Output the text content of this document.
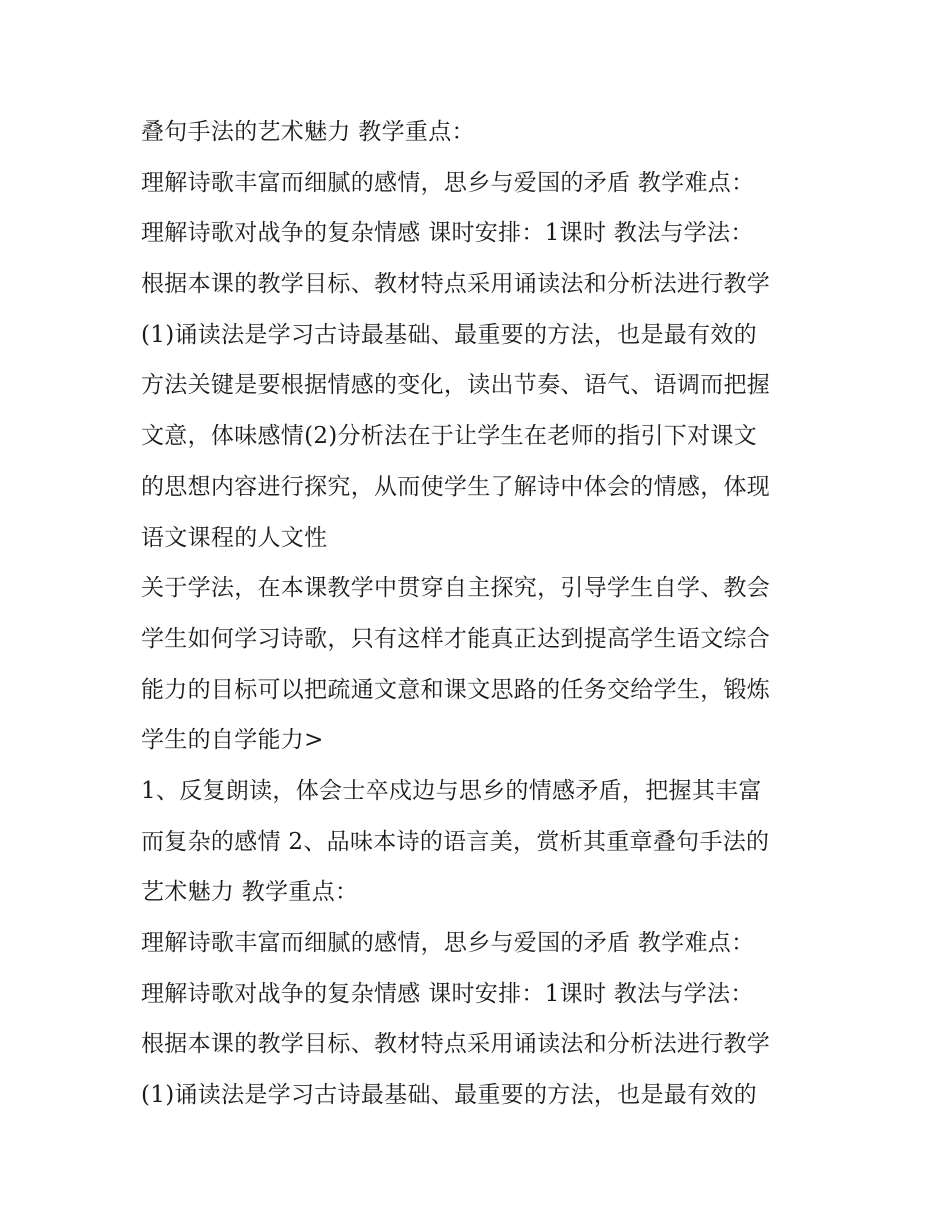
叠句手法的艺术魅力 教学重点：
理解诗歌丰富而细腻的感情，思乡与爱国的矛盾 教学难点：
理解诗歌对战争的复杂情感 课时安排：1课时 教法与学法：
根据本课的教学目标、教材特点采用诵读法和分析法进行教学
(1)诵读法是学习古诗最基础、最重要的方法，也是最有效的
方法关键是要根据情感的变化，读出节奏、语气、语调而把握
文意，体味感情(2)分析法在于让学生在老师的指引下对课文
的思想内容进行探究，从而使学生了解诗中体会的情感，体现
语文课程的人文性
关于学法，在本课教学中贯穿自主探究，引导学生自学、教会
学生如何学习诗歌，只有这样才能真正达到提高学生语文综合
能力的目标可以把疏通文意和课文思路的任务交给学生，锻炼
学生的自学能力>
1、反复朗读，体会士卒戍边与思乡的情感矛盾，把握其丰富
而复杂的感情 2、品味本诗的语言美，赏析其重章叠句手法的
艺术魅力 教学重点：
理解诗歌丰富而细腻的感情，思乡与爱国的矛盾 教学难点：
理解诗歌对战争的复杂情感 课时安排：1课时 教法与学法：
根据本课的教学目标、教材特点采用诵读法和分析法进行教学
(1)诵读法是学习古诗最基础、最重要的方法，也是最有效的
